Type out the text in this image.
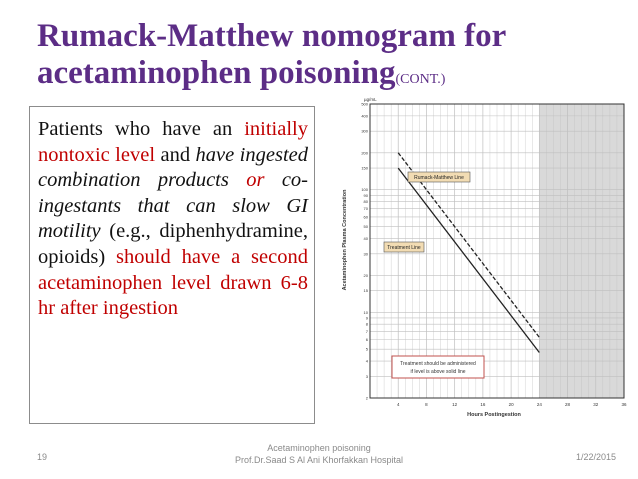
Rumack-Matthew nomogram for
acetaminophen poisoning(CONT.)
Patients who have an initially nontoxic level and have ingested combination products or co-ingestants that can slow GI motility (e.g., diphenhydramine, opioids) should have a second acetaminophen level drawn 6-8 hr after ingestion
500
400
300
200
150
100
90
80
70
60
50
40
30
20
15
10
9
8
7
6
5
4
3
2
4	8	12	16	20	24	28	32	36
µg/mL
Acetaminophen Plasma Concentration
Hours Postingestion
Rumack-Matthew Line
Treatment Line
Treatment should be administered
if level is above solid line
19
Acetaminophen poisoning
Prof.Dr.Saad S Al Ani Khorfakkan Hospital	1/22/2015
